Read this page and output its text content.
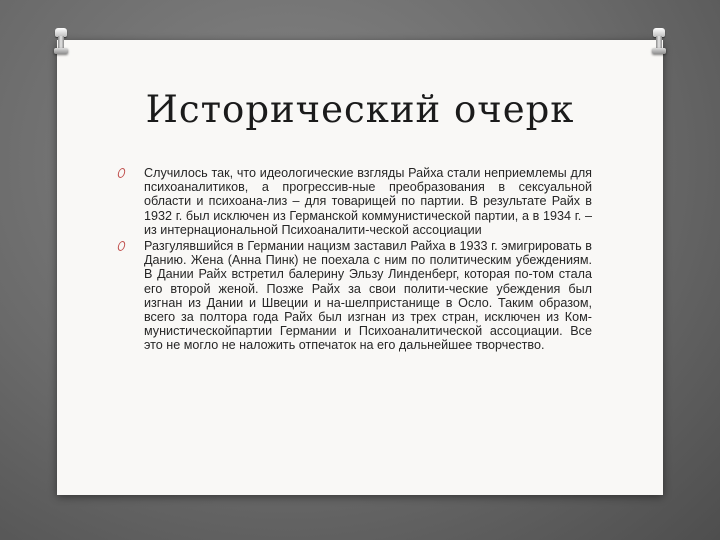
Исторический очерк
Случилось так, что идеологические взгляды Райха стали неприемлемы для психоаналитиков, а прогрессив-ные преобразования в сексуальной области и психоана-лиз – для товарищей по партии. В результате Райх в 1932 г. был исключен из Германской коммунистической партии, а в 1934 г. – из интернациональной Психоаналити-ческой ассоциации
Разгулявшийся в Германии нацизм заставил Райха в 1933 г. эмигрировать в Данию. Жена (Анна Пинк) не поехала с ним по политическим убеждениям. В Дании Райх встретил балерину Эльзу Линденберг, которая по-том стала его второй женой. Позже Райх за свои полити-ческие убеждения был изгнан из Дании и Швеции и на-шелпристанище в Осло. Таким образом, всего за полтора года Райх был изгнан из трех стран, исключен из Ком-мунистическойпартии Германии и Психоаналитической ассоциации. Все это не могло не наложить отпечаток на его дальнейшее творчество.
